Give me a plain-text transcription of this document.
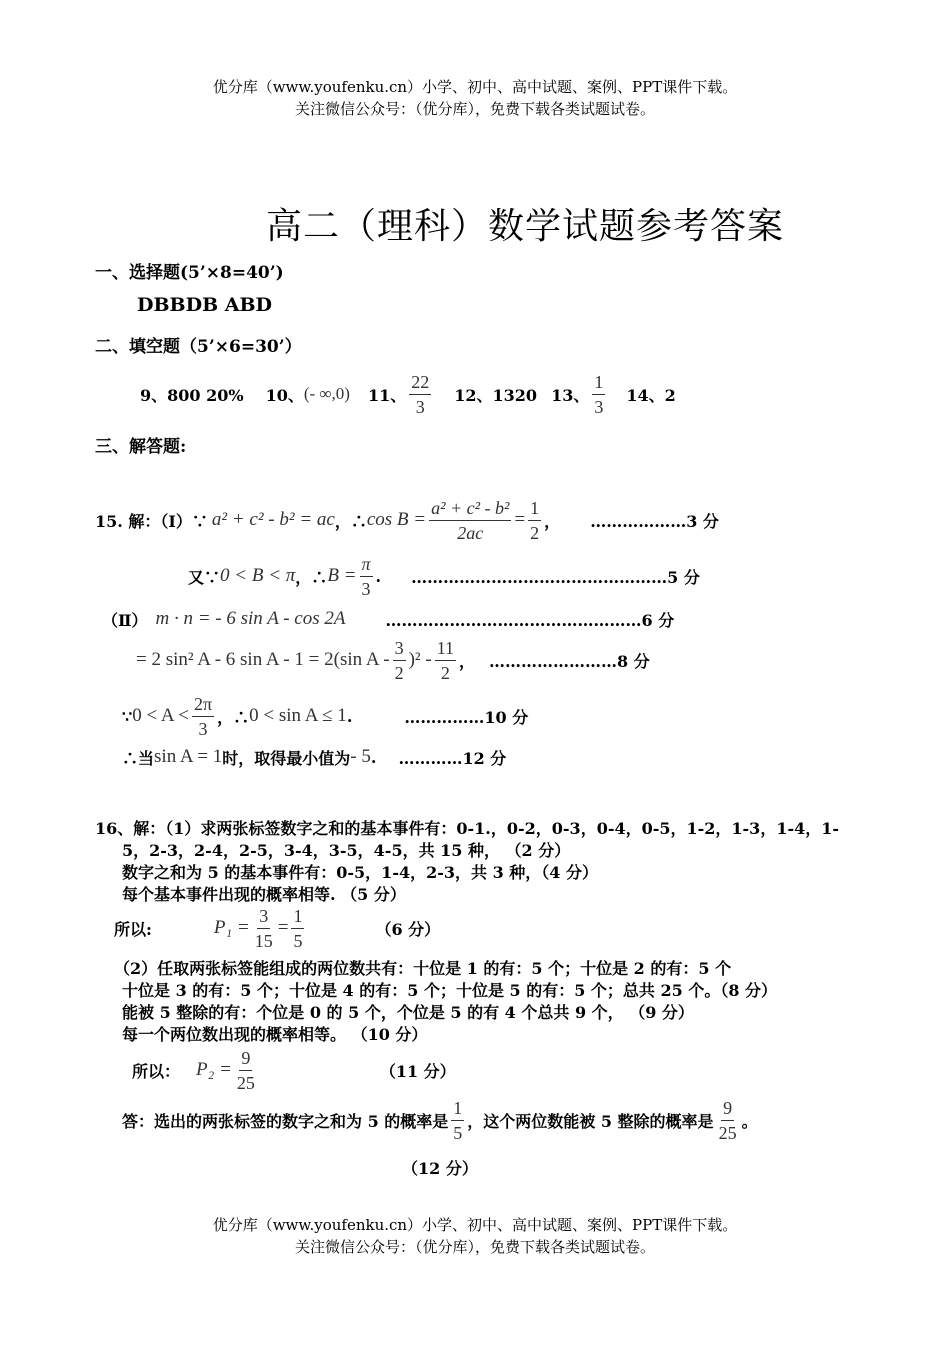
优分库（www.youfenku.cn）小学、初中、高中试题、案例、PPT课件下载。
关注微信公众号：（优分库），免费下载各类试题试卷。
高二（理科）数学试题参考答案
一、选择题(5’×8=40’)
DBBDB ABD
二、填空题（5’×6=30’）
9、800 20% 10、 (- ∞,0) 11、 $\frac{22}{3} 12$、1320 13、 $\frac{1}{3} 14$、2
三、解答题:
15. 解：（Ⅰ）∵ a² + c² - b² = ac ，∴ $\cos B = \frac{\text{a² + c² - b²}}{2ac} = \frac{1}{2}$ ， ………………3 分
又∵ 0 < B < π ，∴ $B = \frac{\pi}{3}$ . …………………………………………5 分
（Ⅱ） m · n = - 6 sin A - cos 2A	…………………………………………6 分
= 2 sin² A - 6 sin A - 1 = 2(sin A - $\frac{3}{2} )^2 - \frac{11}{2}$ ， ……………………8 分
∵ $0 < A < \frac{2\pi}{3}$ ，∴ 0 < sin A ≤ 1 .	……………10 分
∴当 sin A = 1 时，取得最小值为 - 5 . …………12 分
16、解：（1）求两张标签数字之和的基本事件有：0-1.，0-2，0-3，0-4，0-5，1-2，1-3，1-4，1-
5，2-3，2-4，2-5，3-4，3-5，4-5，共 15 种， （2 分）
数字之和为 5 的基本事件有：0-5，1-4，2-3，共 3 种，（4 分）
每个基本事件出现的概率相等. （5 分）
所以:	$P_1 = \frac{3}{15} = \frac{1}{5}$	（6 分）
（2）任取两张标签能组成的两位数共有：十位是 1 的有：5 个；十位是 2 的有：5 个
十位是 3 的有：5 个；十位是 4 的有：5 个；十位是 5 的有：5 个；总共 25 个。（8 分）
能被 5 整除的有：个位是 0 的 5 个，个位是 5 的有 4 个总共 9 个， （9 分）
每一个两位数出现的概率相等。 （10 分）
所以： $P_2 = \frac{9}{25}$	（11 分）
答：选出的两张标签的数字之和为 5 的概率是 $\frac{1}{5}$ ，这个两位数能被 5 整除的概率是 $\frac{9}{25}$ 。
（12 分）
优分库（www.youfenku.cn）小学、初中、高中试题、案例、PPT课件下载。
关注微信公众号：（优分库），免费下载各类试题试卷。
